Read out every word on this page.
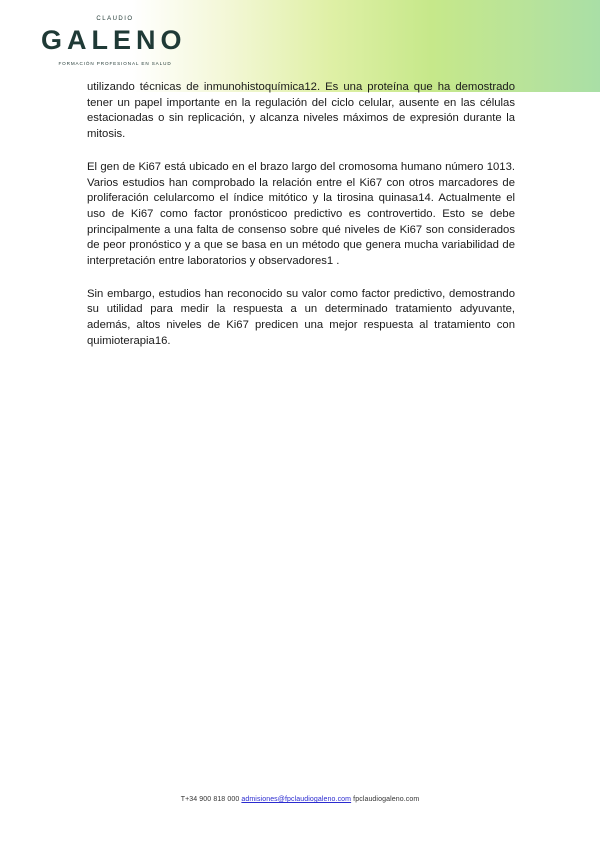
CLAUDIO
GALENO
FORMACIÓN PROFESIONAL EN SALUD

utilizando técnicas de inmunohistoquímica12. Es una proteína que ha demostrado tener un papel importante en la regulación del ciclo celular, ausente en las células estacionadas o sin replicación, y alcanza niveles máximos de expresión durante la mitosis.

El gen de Ki67 está ubicado en el brazo largo del cromosoma humano número 1013. Varios estudios han comprobado la relación entre el Ki67 con otros marcadores de proliferación celularcomo el índice mitótico y la tirosina quinasa14. Actualmente el uso de Ki67 como factor pronósticoo predictivo es controvertido. Esto se debe principalmente a una falta de consenso sobre qué niveles de Ki67 son considerados de peor pronóstico y a que se basa en un método que genera mucha variabilidad de interpretación entre laboratorios y observadores1 .

Sin embargo, estudios han reconocido su valor como factor predictivo, demostrando su utilidad para medir la respuesta a un determinado tratamiento adyuvante, además, altos niveles de Ki67 predicen una mejor respuesta al tratamiento con quimioterapia16.

T+34 900 818 000 admisiones@fpclaudiogaleno.com fpclaudiogaleno.com
